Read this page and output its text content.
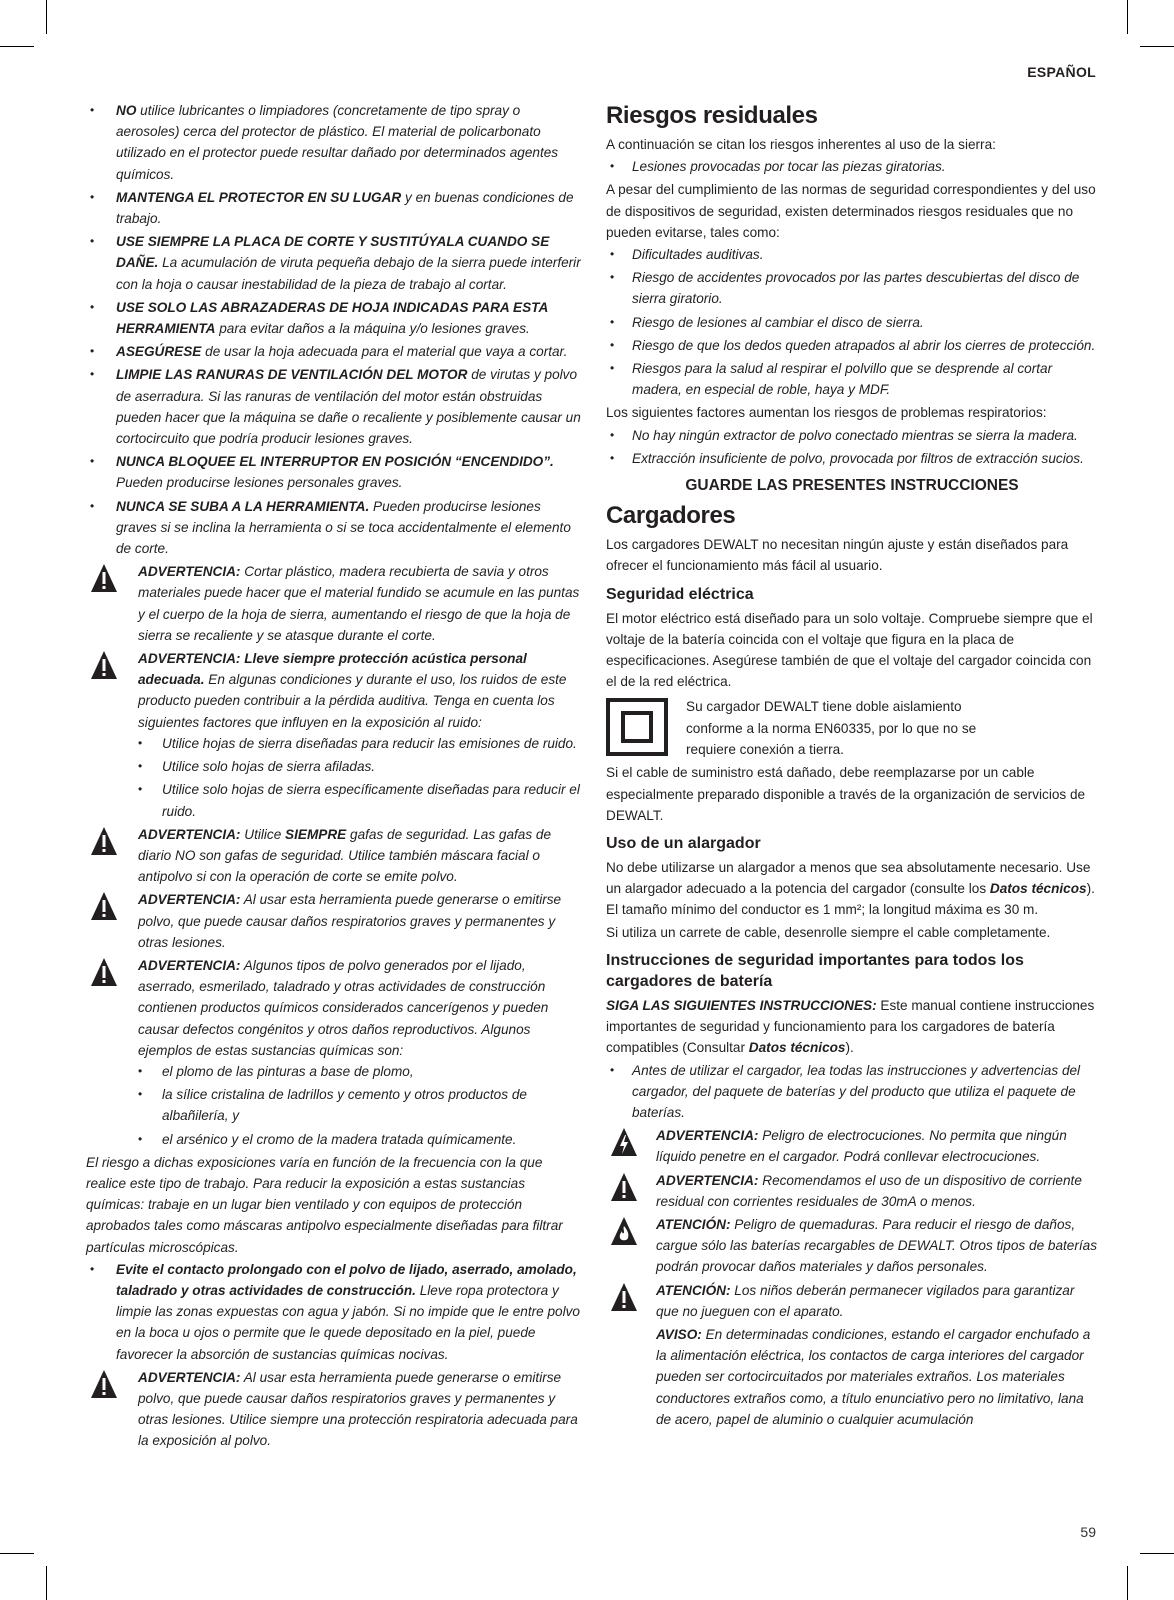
ESPAÑOL
59
• NO utilice lubricantes o limpiadores (concretamente de tipo spray o aerosoles) cerca del protector de plástico. El material de policarbonato utilizado en el protector puede resultar dañado por determinados agentes químicos.
• MANTENGA EL PROTECTOR EN SU LUGAR y en buenas condiciones de trabajo.
• USE SIEMPRE LA PLACA DE CORTE Y SUSTITÚYALA CUANDO SE DAÑE. La acumulación de viruta pequeña debajo de la sierra puede interferir con la hoja o causar inestabilidad de la pieza de trabajo al cortar.
• USE SOLO LAS ABRAZADERAS DE HOJA INDICADAS PARA ESTA HERRAMIENTA para evitar daños a la máquina y/o lesiones graves.
• ASEGÚRESE de usar la hoja adecuada para el material que vaya a cortar.
• LIMPIE LAS RANURAS DE VENTILACIÓN DEL MOTOR de virutas y polvo de aserradura. Si las ranuras de ventilación del motor están obstruidas pueden hacer que la máquina se dañe o recaliente y posiblemente causar un cortocircuito que podría producir lesiones graves.
• NUNCA BLOQUEE EL INTERRUPTOR EN POSICIÓN “ENCENDIDO”. Pueden producirse lesiones personales graves.
• NUNCA SE SUBA A LA HERRAMIENTA. Pueden producirse lesiones graves si se inclina la herramienta o si se toca accidentalmente el elemento de corte.
ADVERTENCIA: Cortar plástico, madera recubierta de savia y otros materiales puede hacer que el material fundido se acumule en las puntas y el cuerpo de la hoja de sierra, aumentando el riesgo de que la hoja de sierra se recaliente y se atasque durante el corte.
ADVERTENCIA: Lleve siempre protección acústica personal adecuada. En algunas condiciones y durante el uso, los ruidos de este producto pueden contribuir a la pérdida auditiva. Tenga en cuenta los siguientes factores que influyen en la exposición al ruido:
• Utilice hojas de sierra diseñadas para reducir las emisiones de ruido.
• Utilice solo hojas de sierra afiladas.
• Utilice solo hojas de sierra específicamente diseñadas para reducir el ruido.
ADVERTENCIA: Utilice SIEMPRE gafas de seguridad. Las gafas de diario NO son gafas de seguridad. Utilice también máscara facial o antipolvo si con la operación de corte se emite polvo.
ADVERTENCIA: Al usar esta herramienta puede generarse o emitirse polvo, que puede causar daños respiratorios graves y permanentes y otras lesiones.
ADVERTENCIA: Algunos tipos de polvo generados por el lijado, aserrado, esmerilado, taladrado y otras actividades de construcción contienen productos químicos considerados cancerígenos y pueden causar defectos congénitos y otros daños reproductivos. Algunos ejemplos de estas sustancias químicas son:
• el plomo de las pinturas a base de plomo,
• la sílice cristalina de ladrillos y cemento y otros productos de albañilería, y
• el arsénico y el cromo de la madera tratada químicamente.

El riesgo a dichas exposiciones varía en función de la frecuencia con la que realice este tipo de trabajo. Para reducir la exposición a estas sustancias químicas: trabaje en un lugar bien ventilado y con equipos de protección aprobados tales como máscaras antipolvo especialmente diseñadas para filtrar partículas microscópicas.

• Evite el contacto prolongado con el polvo de lijado, aserrado, amolado, taladrado y otras actividades de construcción. Lleve ropa protectora y limpie las zonas expuestas con agua y jabón. Si no impide que le entre polvo en la boca u ojos o permite que le quede depositado en la piel, puede favorecer la absorción de sustancias químicas nocivas.
ADVERTENCIA: Al usar esta herramienta puede generarse o emitirse polvo, que puede causar daños respiratorios graves y permanentes y otras lesiones. Utilice siempre una protección respiratoria adecuada para la exposición al polvo.
Riesgos residuales

A continuación se citan los riesgos inherentes al uso de la sierra:

• Lesiones provocadas por tocar las piezas giratorias.

A pesar del cumplimiento de las normas de seguridad correspondientes y del uso de dispositivos de seguridad, existen determinados riesgos residuales que no pueden evitarse, tales como:

• Dificultades auditivas.
• Riesgo de accidentes provocados por las partes descubiertas del disco de sierra giratorio.
• Riesgo de lesiones al cambiar el disco de sierra.
• Riesgo de que los dedos queden atrapados al abrir los cierres de protección.
• Riesgos para la salud al respirar el polvillo que se desprende al cortar madera, en especial de roble, haya y MDF.

Los siguientes factores aumentan los riesgos de problemas respiratorios:

• No hay ningún extractor de polvo conectado mientras se sierra la madera.
• Extracción insuficiente de polvo, provocada por filtros de extracción sucios.
GUARDE LAS PRESENTES INSTRUCCIONES
Cargadores

Los cargadores DEWALT no necesitan ningún ajuste y están diseñados para ofrecer el funcionamiento más fácil al usuario.

Seguridad eléctrica

El motor eléctrico está diseñado para un solo voltaje. Compruebe siempre que el voltaje de la batería coincida con el voltaje que figura en la placa de especificaciones. Asegúrese también de que el voltaje del cargador coincida con el de la red eléctrica.

Su cargador DEWALT tiene doble aislamiento conforme a la norma EN60335, por lo que no se requiere conexión a tierra.

Si el cable de suministro está dañado, debe reemplazarse por un cable especialmente preparado disponible a través de la organización de servicios de DEWALT.

Uso de un alargador

No debe utilizarse un alargador a menos que sea absolutamente necesario. Use un alargador adecuado a la potencia del cargador (consulte los Datos técnicos). El tamaño mínimo del conductor es 1 mm²; la longitud máxima es 30 m.

Si utiliza un carrete de cable, desenrolle siempre el cable completamente.

Instrucciones de seguridad importantes para todos los cargadores de batería

SIGA LAS SIGUIENTES INSTRUCCIONES: Este manual contiene instrucciones importantes de seguridad y funcionamiento para los cargadores de batería compatibles (Consultar Datos técnicos).

• Antes de utilizar el cargador, lea todas las instrucciones y advertencias del cargador, del paquete de baterías y del producto que utiliza el paquete de baterías.
ADVERTENCIA: Peligro de electrocuciones. No permita que ningún líquido penetre en el cargador. Podrá conllevar electrocuciones.
ADVERTENCIA: Recomendamos el uso de un dispositivo de corriente residual con corrientes residuales de 30mA o menos.
ATENCIÓN: Peligro de quemaduras. Para reducir el riesgo de daños, cargue sólo las baterías recargables de DEWALT. Otros tipos de baterías podrán provocar daños materiales y daños personales.
ATENCIÓN: Los niños deberán permanecer vigilados para garantizar que no jueguen con el aparato.
AVISO: En determinadas condiciones, estando el cargador enchufado a la alimentación eléctrica, los contactos de carga interiores del cargador pueden ser cortocircuitados por materiales extraños. Los materiales conductores extraños como, a título enunciativo pero no limitativo, lana de acero, papel de aluminio o cualquier acumulación
